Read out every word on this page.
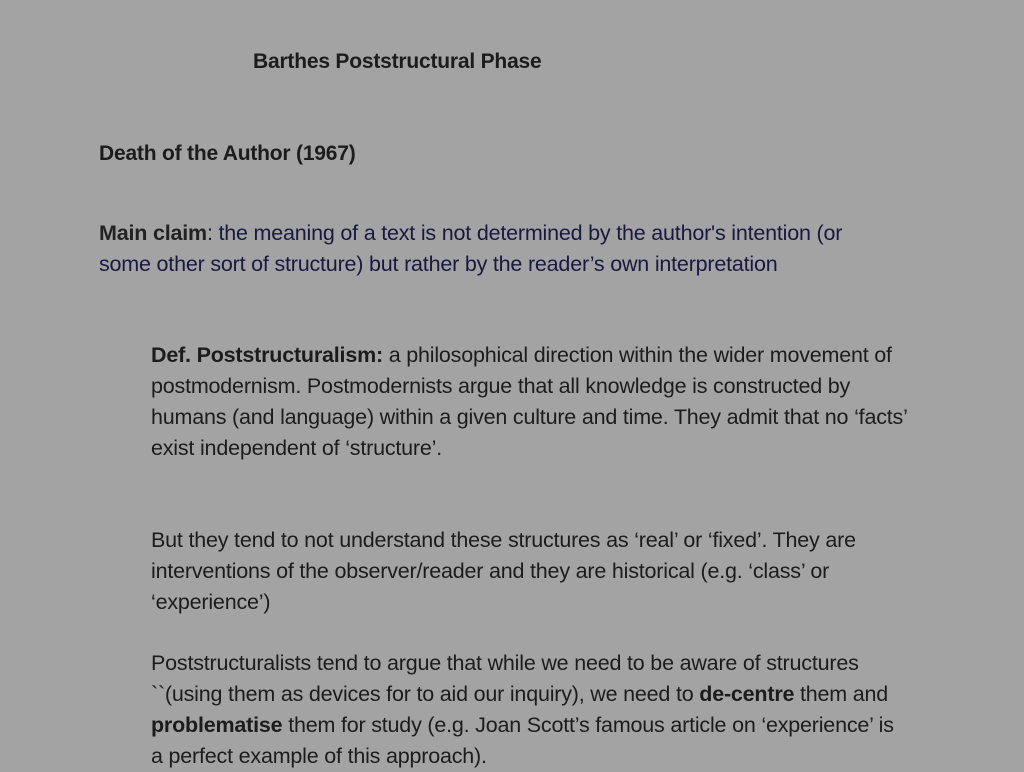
Barthes Poststructural Phase
Death of the Author (1967)
Main claim: the meaning of a text is not determined by the author's intention (or some other sort of structure) but rather by the reader’s own interpretation
Def. Poststructuralism: a philosophical direction within the wider movement of postmodernism. Postmodernists argue that all knowledge is constructed by humans (and language) within a given culture and time. They admit that no ‘facts’ exist independent of ‘structure’.
But they tend to not understand these structures as ‘real’ or ‘fixed’. They are interventions of the observer/reader and they are historical (e.g. ‘class’ or ‘experience’)
Poststructuralists tend to argue that while we need to be aware of structures ``(using them as devices for to aid our inquiry), we need to de-centre them and problematise them for study (e.g. Joan Scott’s famous article on ‘experience’ is a perfect example of this approach).
